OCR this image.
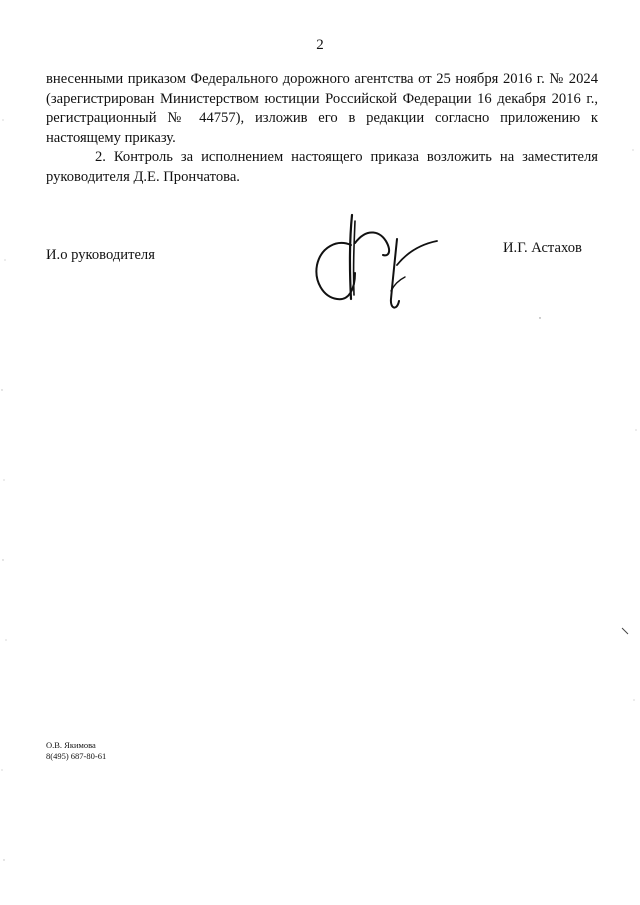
2

внесенными приказом Федерального дорожного агентства от 25 ноября 2016 г. № 2024 (зарегистрирован Министерством юстиции Российской Федерации 16 декабря 2016 г., регистрационный № 44757), изложив его в редакции согласно приложению к настоящему приказу.

2. Контроль за исполнением настоящего приказа возложить на заместителя руководителя Д.Е. Прончатова.

И.о руководителя	И.Г. Астахов
О.В. Якимова
8(495) 687-80-61
